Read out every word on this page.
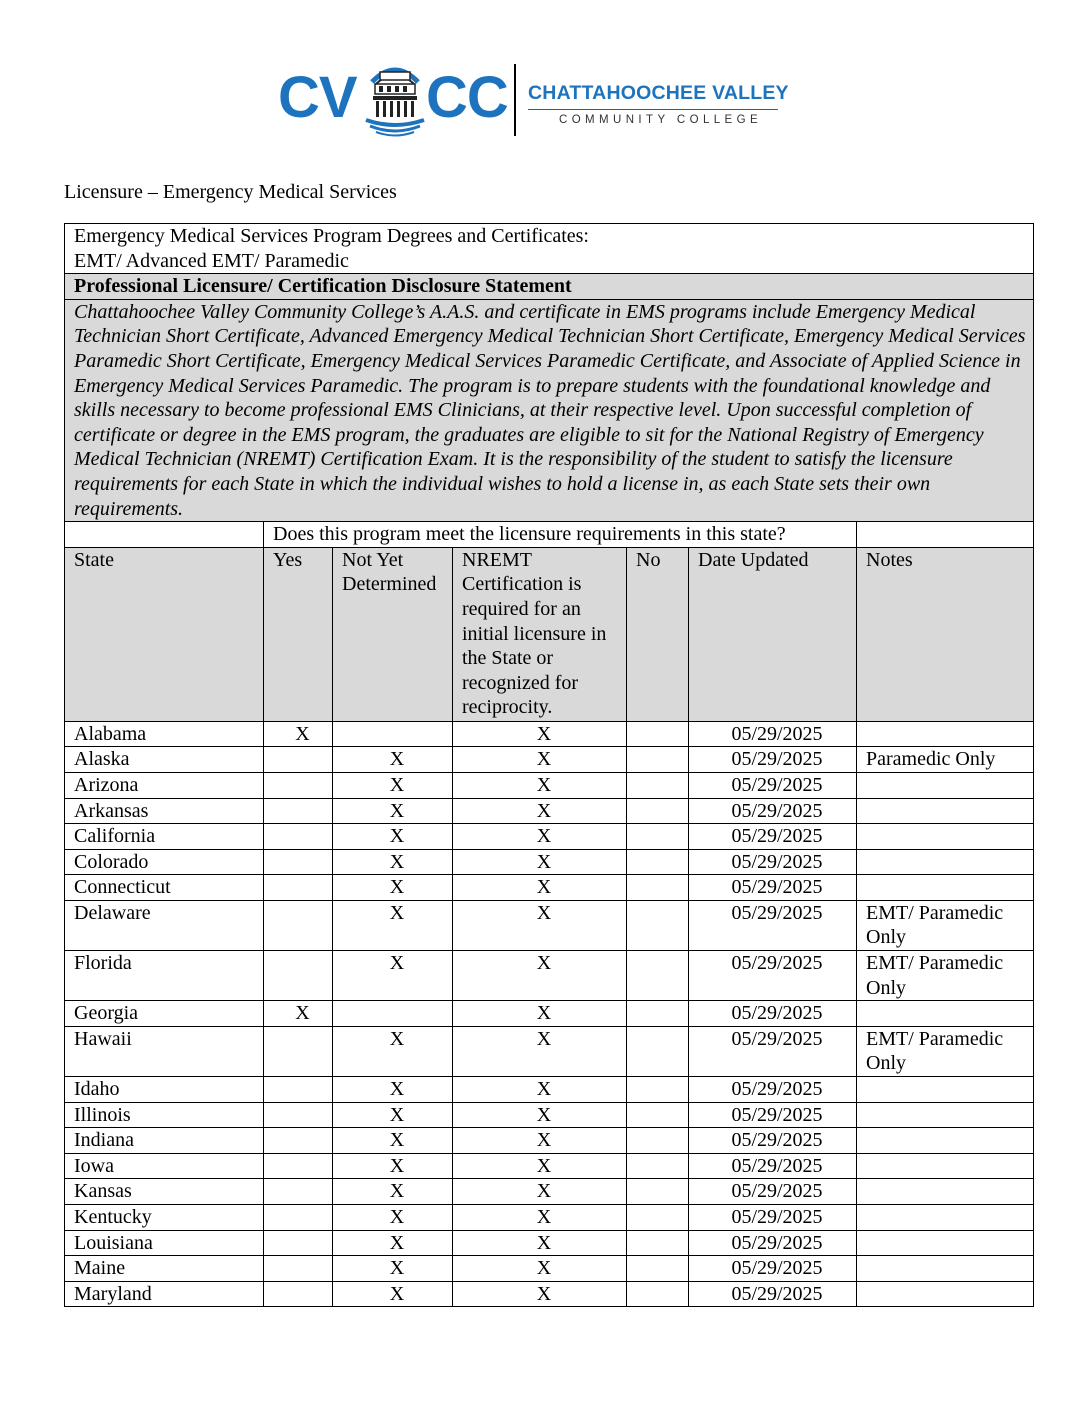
CV CC CHATTAHOOCHEE VALLEY
COMMUNITY COLLEGE
Licensure – Emergency Medical Services
Emergency Medical Services Program Degrees and Certificates:
EMT/ Advanced EMT/ Paramedic						

Professional Licensure/ Certification Disclosure Statement						
Chattahoochee Valley Community College’s A.A.S. and certificate in EMS programs include Emergency Medical Technician Short Certificate, Advanced Emergency Medical Technician Short Certificate, Emergency Medical Services Paramedic Short Certificate, Emergency Medical Services Paramedic Certificate, and Associate of Applied Science in Emergency Medical Services Paramedic. The program is to prepare students with the foundational knowledge and skills necessary to become professional EMS Clinicians, at their respective level. Upon successful completion of certificate or degree in the EMS program, the graduates are eligible to sit for the National Registry of Emergency Medical Technician (NREMT) Certification Exam. It is the responsibility of the student to satisfy the licensure requirements for each State in which the individual wishes to hold a license in, as each State sets their own requirements.						
	Does this program meet the licensure requirements in this state?					
State	Yes	Not Yet Determined	NREMT Certification is required for an initial licensure in the State or recognized for reciprocity.	No	Date Updated	Notes
Alabama	X		X		05/29/2025	
Alaska		X	X		05/29/2025	Paramedic Only
Arizona		X	X		05/29/2025	
Arkansas		X	X		05/29/2025	
California		X	X		05/29/2025	
Colorado		X	X		05/29/2025	
Connecticut		X	X		05/29/2025	
Delaware		X	X		05/29/2025	EMT/ Paramedic Only
Florida		X	X		05/29/2025	EMT/ Paramedic Only
Georgia	X		X		05/29/2025	
Hawaii		X	X		05/29/2025	EMT/ Paramedic Only
Idaho		X	X		05/29/2025	
Illinois		X	X		05/29/2025	
Indiana		X	X		05/29/2025	
Iowa		X	X		05/29/2025	
Kansas		X	X		05/29/2025	
Kentucky		X	X		05/29/2025	
Louisiana		X	X		05/29/2025	
Maine		X	X		05/29/2025	
Maryland		X	X		05/29/2025	
